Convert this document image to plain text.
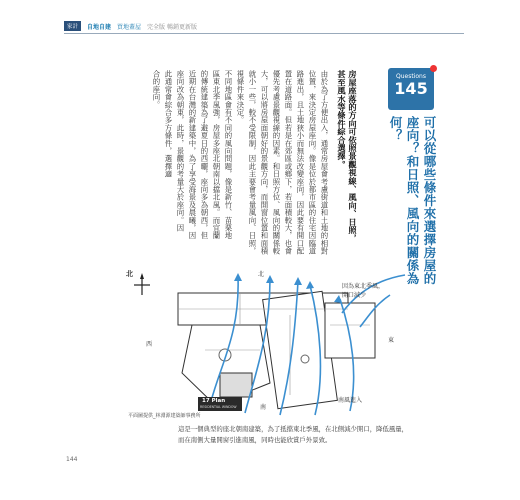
家計	自地自建 買地蓋屋 完全版 暢銷更新版
Questions
145
可以從哪些條件來選擇房屋的
座向？和日照、風向的關係為
何？
房屋座落的方向可依照景觀視線、風向、日照，
甚至風水等條件綜合選擇。
由於為了方便出入，通常房屋會考慮街道和土地的相對
位置，來決定房屋座向。像是位於都市區的住宅因臨道
路進出，且土地狹小而無法改變座向，因此要有開口配
置在道路面。但若是在郊區或鄉下，若面積較大，也會
優先考慮景觀視線的因素。和日照方位、風向的關係較
大，可以將房屋面朝好的景觀方向，而開窗位置和面積
就小一些，較不受限制，因此主要會考量風向、日照，
視條件來決定。
不同地區會有不同的風向問題，像是新竹、苗栗地
區東北季風強，房屋多座北朝南以擋北風。而宜蘭
的傳統建築為了避夏日的西曬，座向多為朝西，但
近期在台灣的新建築中，為了享受海景及晨曦，因
座向改為朝東，此時，景觀的考量大於座向。因
此通常會綜合多方條件，選擇適
合的座向。
北	北
西
東
南
因為東北季風，
開口減少
南風進入
17 Plan
RESIDENTIAL WINDOW
平面圖提供_林淵源建築師事務所
這是一個典型的座北朝南建築，為了抵擋東北季風，在北側減少開口，降低風量，
而在南側大量開窗引進南風，同時也能欣賞戶外景致。
144
